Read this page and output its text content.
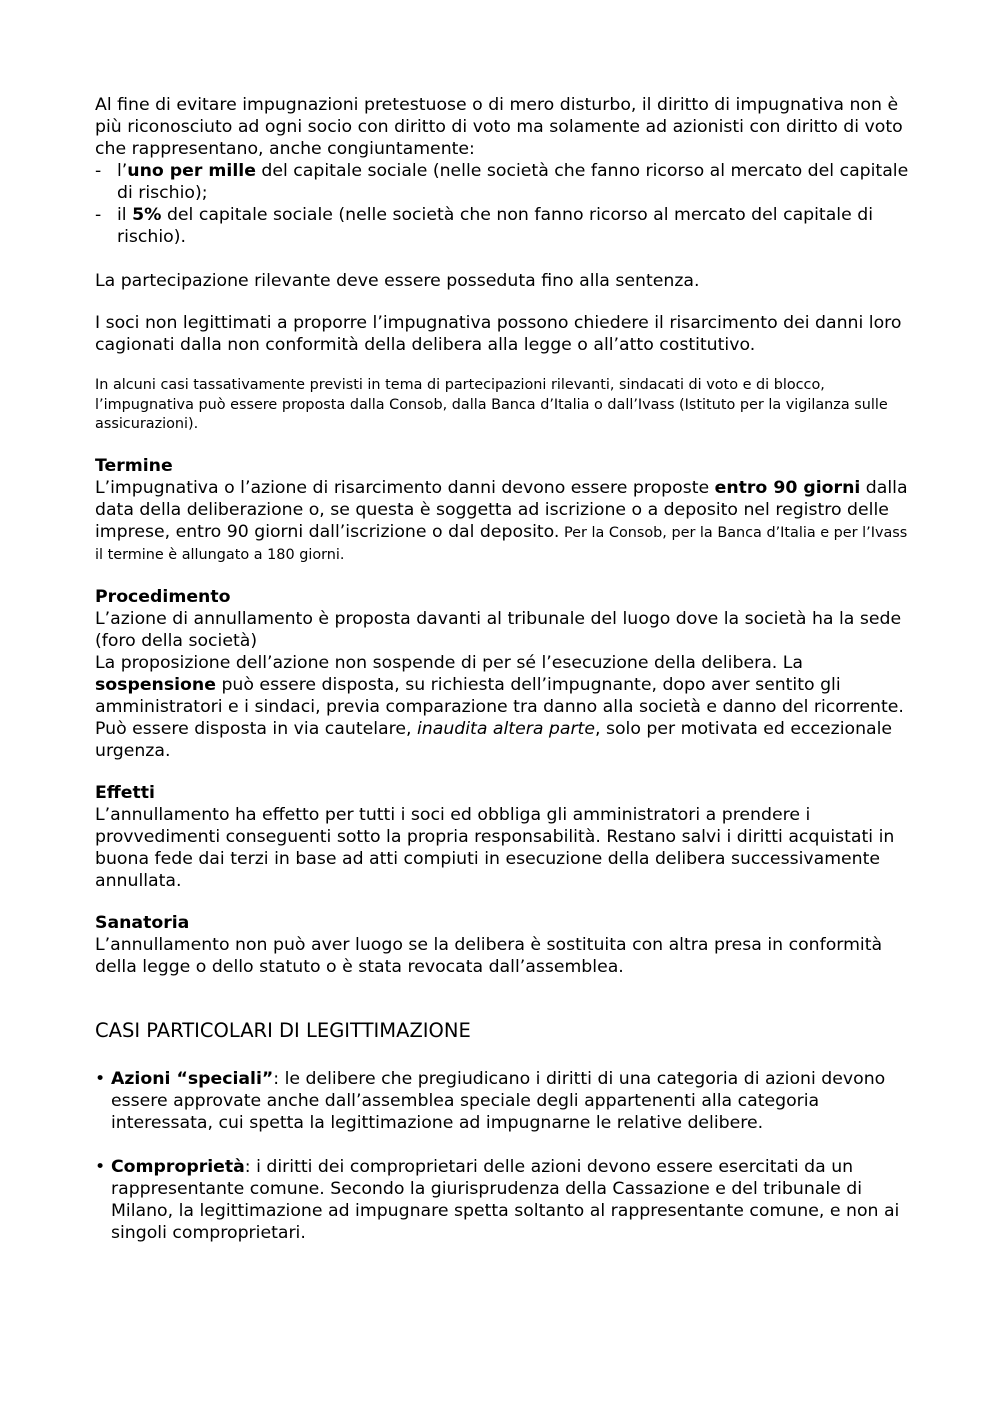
Al fine di evitare impugnazioni pretestuose o di mero disturbo, il diritto di impugnativa non è più riconosciuto ad ogni socio con diritto di voto ma solamente ad azionisti con diritto di voto che rappresentano, anche congiuntamente:

- l’uno per mille del capitale sociale (nelle società che fanno ricorso al mercato del capitale di rischio);
- il 5% del capitale sociale (nelle società che non fanno ricorso al mercato del capitale di rischio).

La partecipazione rilevante deve essere posseduta fino alla sentenza.

I soci non legittimati a proporre l’impugnativa possono chiedere il risarcimento dei danni loro cagionati dalla non conformità della delibera alla legge o all’atto costitutivo.

In alcuni casi tassativamente previsti in tema di partecipazioni rilevanti, sindacati di voto e di blocco, l’impugnativa può essere proposta dalla Consob, dalla Banca d’Italia o dall’Ivass (Istituto per la vigilanza sulle assicurazioni).

Termine

L’impugnativa o l’azione di risarcimento danni devono essere proposte entro 90 giorni dalla data della deliberazione o, se questa è soggetta ad iscrizione o a deposito nel registro delle imprese, entro 90 giorni dall’iscrizione o dal deposito. Per la Consob, per la Banca d’Italia e per l’Ivass il termine è allungato a 180 giorni.

Procedimento

L’azione di annullamento è proposta davanti al tribunale del luogo dove la società ha la sede (foro della società)

La proposizione dell’azione non sospende di per sé l’esecuzione della delibera. La sospensione può essere disposta, su richiesta dell’impugnante, dopo aver sentito gli amministratori e i sindaci, previa comparazione tra danno alla società e danno del ricorrente. Può essere disposta in via cautelare, inaudita altera parte, solo per motivata ed eccezionale urgenza.

Effetti

L’annullamento ha effetto per tutti i soci ed obbliga gli amministratori a prendere i provvedimenti conseguenti sotto la propria responsabilità. Restano salvi i diritti acquistati in buona fede dai terzi in base ad atti compiuti in esecuzione della delibera successivamente annullata.

Sanatoria

L’annullamento non può aver luogo se la delibera è sostituita con altra presa in conformità della legge o dello statuto o è stata revocata dall’assemblea.

CASI PARTICOLARI DI LEGITTIMAZIONE

• Azioni “speciali”: le delibere che pregiudicano i diritti di una categoria di azioni devono essere approvate anche dall’assemblea speciale degli appartenenti alla categoria interessata, cui spetta la legittimazione ad impugnarne le relative delibere.
• Comproprietà: i diritti dei comproprietari delle azioni devono essere esercitati da un rappresentante comune. Secondo la giurisprudenza della Cassazione e del tribunale di Milano, la legittimazione ad impugnare spetta soltanto al rappresentante comune, e non ai singoli comproprietari.
